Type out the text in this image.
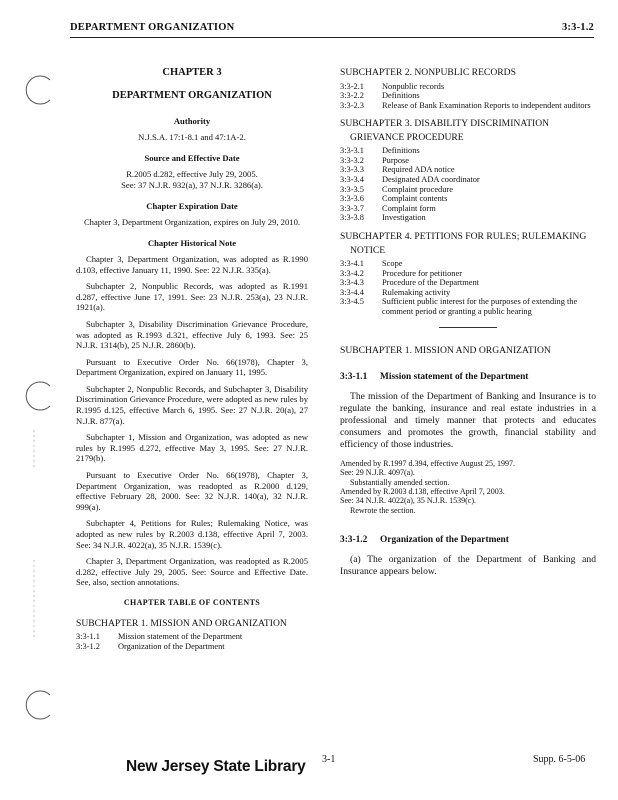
DEPARTMENT ORGANIZATION	3:3-1.2
CHAPTER 3
DEPARTMENT ORGANIZATION
Authority
N.J.S.A. 17:1-8.1 and 47:1A-2.
Source and Effective Date
R.2005 d.282, effective July 29, 2005.
See: 37 N.J.R. 932(a), 37 N.J.R. 3286(a).
Chapter Expiration Date
Chapter 3, Department Organization, expires on July 29, 2010.
Chapter Historical Note
Chapter 3, Department Organization, was adopted as R.1990 d.103, effective January 11, 1990. See: 22 N.J.R. 335(a).
Subchapter 2, Nonpublic Records, was adopted as R.1991 d.287, effective June 17, 1991. See: 23 N.J.R. 253(a), 23 N.J.R. 1921(a).
Subchapter 3, Disability Discrimination Grievance Procedure, was adopted as R.1993 d.321, effective July 6, 1993. See: 25 N.J.R. 1314(b), 25 N.J.R. 2860(b).
Pursuant to Executive Order No. 66(1978), Chapter 3, Department Organization, expired on January 11, 1995.
Subchapter 2, Nonpublic Records, and Subchapter 3, Disability Discrimination Grievance Procedure, were adopted as new rules by R.1995 d.125, effective March 6, 1995. See: 27 N.J.R. 20(a), 27 N.J.R. 877(a).
Subchapter 1, Mission and Organization, was adopted as new rules by R.1995 d.272, effective May 3, 1995. See: 27 N.J.R. 2179(b).
Pursuant to Executive Order No. 66(1978), Chapter 3, Department Organization, was readopted as R.2000 d.129, effective February 28, 2000. See: 32 N.J.R. 140(a), 32 N.J.R. 999(a).
Subchapter 4, Petitions for Rules; Rulemaking Notice, was adopted as new rules by R.2003 d.138, effective April 7, 2003. See: 34 N.J.R. 4022(a), 35 N.J.R. 1539(c).
Chapter 3, Department Organization, was readopted as R.2005 d.282, effective July 29, 2005. See: Source and Effective Date. See, also, section annotations.
CHAPTER TABLE OF CONTENTS
SUBCHAPTER 1. MISSION AND ORGANIZATION
3:3-1.1	Mission statement of the Department
3:3-1.2	Organization of the Department
SUBCHAPTER 2. NONPUBLIC RECORDS
3:3-2.1	Nonpublic records
3:3-2.2	Definitions
3:3-2.3	Release of Bank Examination Reports to independent auditors
SUBCHAPTER 3. DISABILITY DISCRIMINATION
GRIEVANCE PROCEDURE
3:3-3.1	Definitions
3:3-3.2	Purpose
3:3-3.3	Required ADA notice
3:3-3.4	Designated ADA coordinator
3:3-3.5	Complaint procedure
3:3-3.6	Complaint contents
3:3-3.7	Complaint form
3:3-3.8	Investigation
SUBCHAPTER 4. PETITIONS FOR RULES; RULEMAKING
NOTICE
3:3-4.1	Scope
3:3-4.2	Procedure for petitioner
3:3-4.3	Procedure of the Department
3:3-4.4	Rulemaking activity
3:3-4.5	Sufficient public interest for the purposes of extending the comment period or granting a public hearing
SUBCHAPTER 1. MISSION AND ORGANIZATION
3:3-1.1	Mission statement of the Department
The mission of the Department of Banking and Insurance is to regulate the banking, insurance and real estate industries in a professional and timely manner that protects and educates consumers and promotes the growth, financial stability and efficiency of those industries.
Amended by R.1997 d.394, effective August 25, 1997.
See: 29 N.J.R. 4097(a).
Substantially amended section.
Amended by R.2003 d.138, effective April 7, 2003.
See: 34 N.J.R. 4022(a), 35 N.J.R. 1539(c).
Rewrote the section.
3:3-1.2	Organization of the Department
(a) The organization of the Department of Banking and Insurance appears below.
3-1	Supp. 6-5-06
New Jersey State Library
